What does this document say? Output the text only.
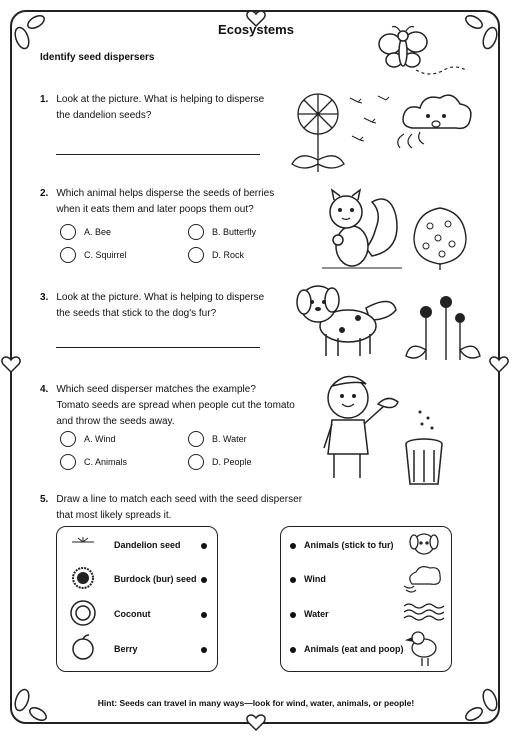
Ecosystems
Identify seed dispersers
1. Look at the picture. What is helping to disperse
the dandelion seeds?
2. Which animal helps disperse the seeds of berries
when it eats them and later poops them out?
A. Bee	B. Butterfly
C. Squirrel	D. Rock
3. Look at the picture. What is helping to disperse
the seeds that stick to the dog's fur?
4. Which seed disperser matches the example?
Tomato seeds are spread when people cut the tomato
and throw the seeds away.
A. Wind	B. Water
C. Animals	D. People
5. Draw a line to match each seed with the seed disperser
that most likely spreads it.
Dandelion seed
Burdock (bur) seed
Coconut
Berry
Animals (stick to fur)
Wind
Water
Animals (eat and poop)
Hint: Seeds can travel in many ways—look for wind, water, animals, or people!
